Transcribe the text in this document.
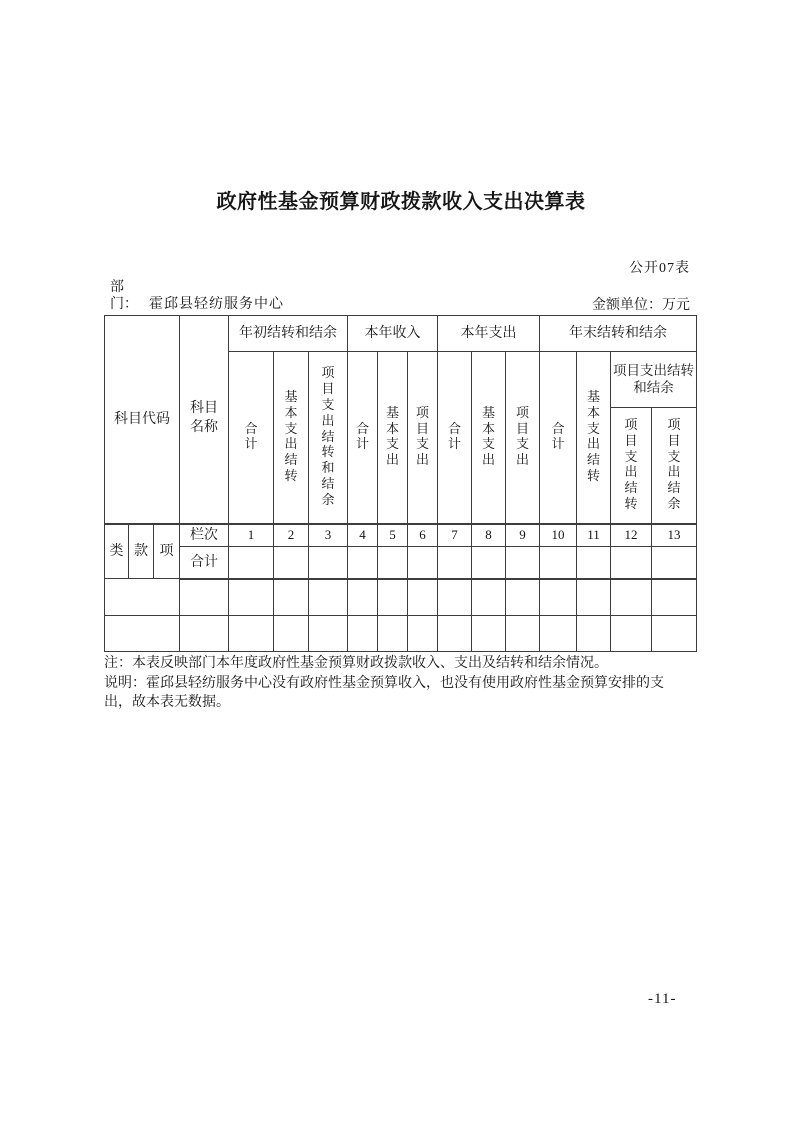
政府性基金预算财政拨款收入支出决算表
公开07表
部
门： 霍邱县轻纺服务中心	金额单位：万元
科目代码			科目名称	年初结转和结余			本年收入			本年支出			年末结转和结余			
				合计	基本支出结转	项目支出结转和结余	合计	基本支出	项目支出	合计	基本支出	项目支出	合计	基本支出结转	项目支出结转和结余	
															项目支出结转	项目支出结余
类	款	项	栏次	1	2	3	4	5	6	7	8	9	10	11	12	13
			合计													

注：本表反映部门本年度政府性基金预算财政拨款收入、支出及结转和结余情况。
说明：霍邱县轻纺服务中心没有政府性基金预算收入，也没有使用政府性基金预算安排的支出，故本表无数据。
-11-
